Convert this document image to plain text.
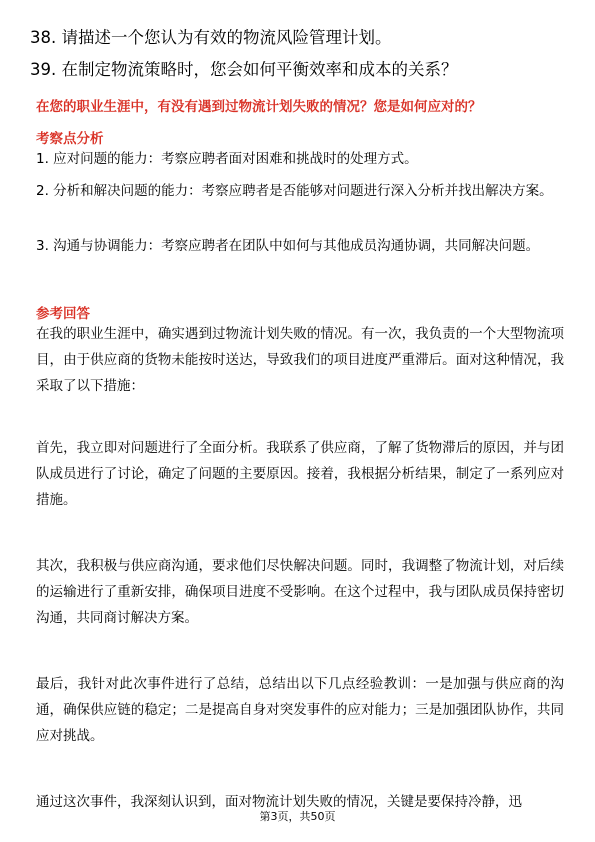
38. 请描述一个您认为有效的物流风险管理计划。
39. 在制定物流策略时，您会如何平衡效率和成本的关系？
在您的职业生涯中，有没有遇到过物流计划失败的情况？您是如何应对的？
考察点分析
1. 应对问题的能力：考察应聘者面对困难和挑战时的处理方式。
2. 分析和解决问题的能力：考察应聘者是否能够对问题进行深入分析并找出解决方案。
3. 沟通与协调能力：考察应聘者在团队中如何与其他成员沟通协调，共同解决问题。
参考回答
在我的职业生涯中，确实遇到过物流计划失败的情况。有一次，我负责的一个大型物流项目，由于供应商的货物未能按时送达，导致我们的项目进度严重滞后。面对这种情况，我采取了以下措施：
首先，我立即对问题进行了全面分析。我联系了供应商，了解了货物滞后的原因，并与团队成员进行了讨论，确定了问题的主要原因。接着，我根据分析结果，制定了一系列应对措施。
其次，我积极与供应商沟通，要求他们尽快解决问题。同时，我调整了物流计划，对后续的运输进行了重新安排，确保项目进度不受影响。在这个过程中，我与团队成员保持密切沟通，共同商讨解决方案。
最后，我针对此次事件进行了总结，总结出以下几点经验教训：一是加强与供应商的沟通，确保供应链的稳定；二是提高自身对突发事件的应对能力；三是加强团队协作，共同应对挑战。
通过这次事件，我深刻认识到，面对物流计划失败的情况，关键是要保持冷静，迅
第3页，共50页
